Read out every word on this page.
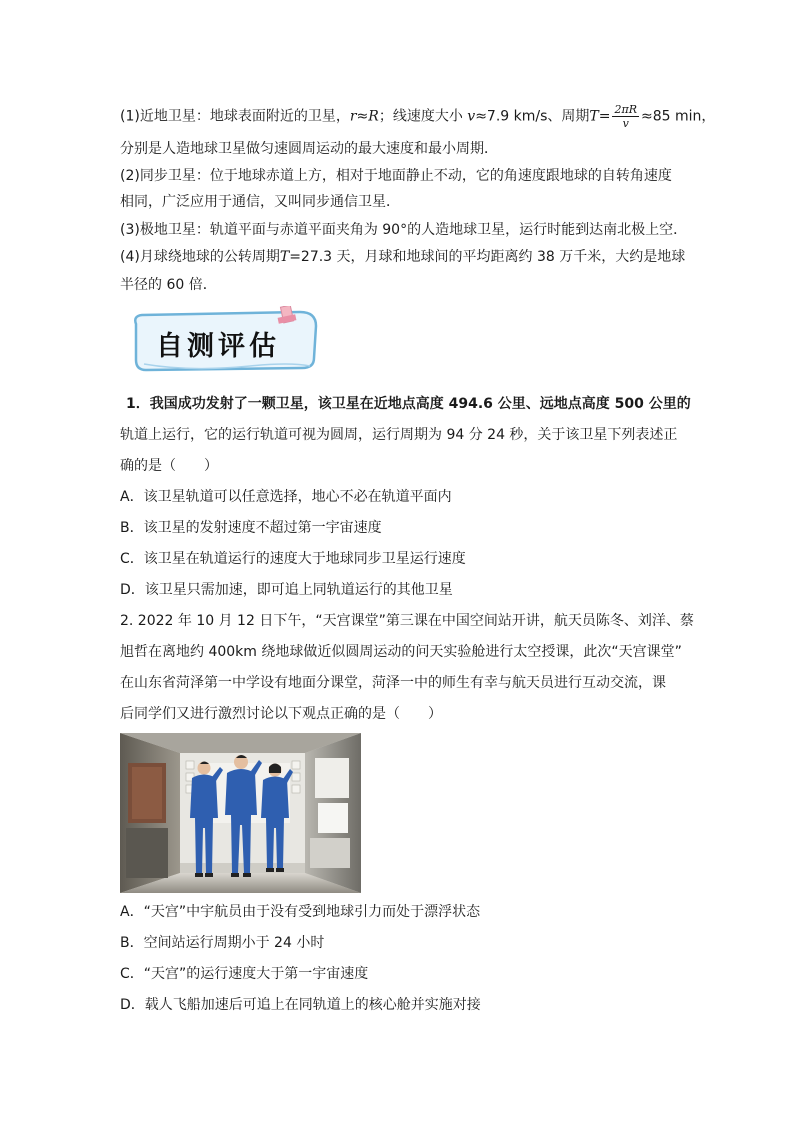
(1)近地卫星：地球表面附近的卫星，r≈R；线速度大小 v≈7.9 km/s、周期$T= \frac{2\pi R}{v} \approx 85$ min，
分别是人造地球卫星做匀速圆周运动的最大速度和最小周期．
(2)同步卫星：位于地球赤道上方，相对于地面静止不动，它的角速度跟地球的自转角速度
相同，广泛应用于通信，又叫同步通信卫星．
(3)极地卫星：轨道平面与赤道平面夹角为 90°的人造地球卫星，运行时能到达南北极上空．
(4)月球绕地球的公转周期T=27.3 天，月球和地球间的平均距离约 38 万千米，大约是地球
半径的 60 倍．
自测评估
1．我国成功发射了一颗卫星，该卫星在近地点高度 494.6 公里、远地点高度 500 公里的
轨道上运行，它的运行轨道可视为圆周，运行周期为 94 分 24 秒，关于该卫星下列表述正
确的是（　　）
A．该卫星轨道可以任意选择，地心不必在轨道平面内
B．该卫星的发射速度不超过第一宇宙速度
C．该卫星在轨道运行的速度大于地球同步卫星运行速度
D．该卫星只需加速，即可追上同轨道运行的其他卫星
2. 2022 年 10 月 12 日下午，“天宫课堂”第三课在中国空间站开讲，航天员陈冬、刘洋、蔡
旭哲在离地约 400km 绕地球做近似圆周运动的问天实验舱进行太空授课，此次“天宫课堂”
在山东省菏泽第一中学设有地面分课堂，菏泽一中的师生有幸与航天员进行互动交流，课
后同学们又进行激烈讨论以下观点正确的是（　　）
A．“天宫”中宇航员由于没有受到地球引力而处于漂浮状态
B．空间站运行周期小于 24 小时
C．“天宫”的运行速度大于第一宇宙速度
D．载人飞船加速后可追上在同轨道上的核心舱并实施对接
